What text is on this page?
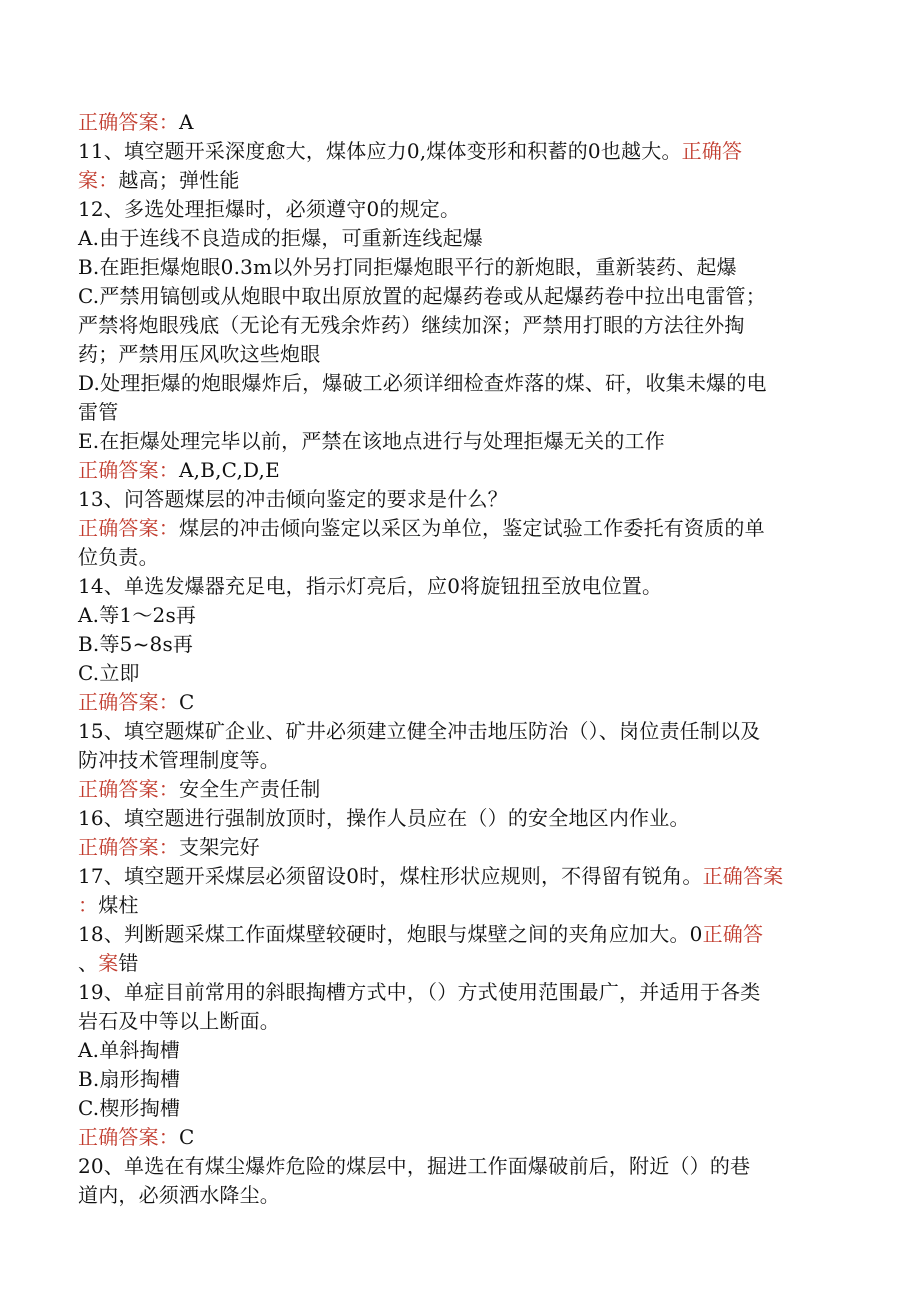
正确答案：A
11、填空题开采深度愈大，煤体应力0,煤体变形和积蓄的0也越大。正确答
案：越高；弹性能
12、多选处理拒爆时，必须遵守0的规定。
A.由于连线不良造成的拒爆，可重新连线起爆
B.在距拒爆炮眼0.3m以外另打同拒爆炮眼平行的新炮眼，重新装药、起爆
C.严禁用镐刨或从炮眼中取出原放置的起爆药卷或从起爆药卷中拉出电雷管；
严禁将炮眼残底（无论有无残余炸药）继续加深；严禁用打眼的方法往外掏
药；严禁用压风吹这些炮眼
D.处理拒爆的炮眼爆炸后，爆破工必须详细检查炸落的煤、矸，收集未爆的电
雷管
E.在拒爆处理完毕以前，严禁在该地点进行与处理拒爆无关的工作
正确答案：A,B,C,D,E
13、问答题煤层的冲击倾向鉴定的要求是什么？
正确答案：煤层的冲击倾向鉴定以采区为单位，鉴定试验工作委托有资质的单
位负责。
14、单选发爆器充足电，指示灯亮后，应0将旋钮扭至放电位置。
A.等1～2s再
B.等5~8s再
C.立即
正确答案：C
15、填空题煤矿企业、矿井必须建立健全冲击地压防治（）、岗位责任制以及
防冲技术管理制度等。
正确答案：安全生产责任制
16、填空题进行强制放顶时，操作人员应在（）的安全地区内作业。
正确答案：支架完好
17、填空题开采煤层必须留设0时，煤柱形状应规则，不得留有锐角。正确答案
：煤柱
18、判断题采煤工作面煤壁较硬时，炮眼与煤壁之间的夹角应加大。0正确答
、案错
19、单症目前常用的斜眼掏槽方式中，（）方式使用范围最广，并适用于各类
岩石及中等以上断面。
A.单斜掏槽
B.扇形掏槽
C.楔形掏槽
正确答案：C
20、单选在有煤尘爆炸危险的煤层中，掘进工作面爆破前后，附近（）的巷
道内，必须洒水降尘。
